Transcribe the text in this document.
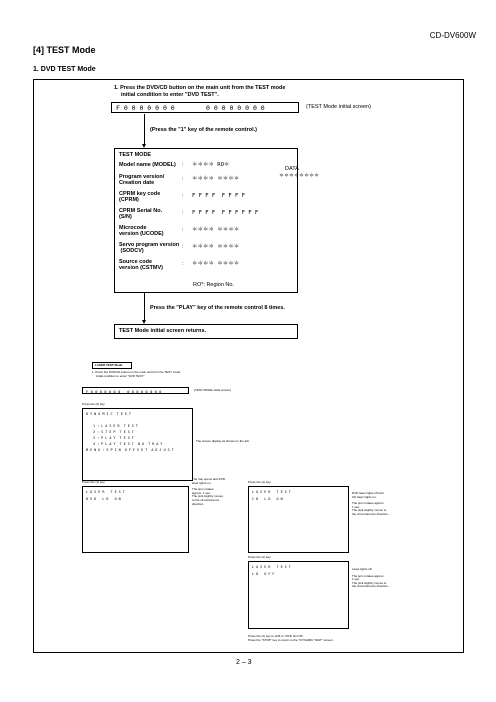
CD-DV600W
[4] TEST Mode
1. DVD TEST Mode
1. Press the DVD/CD button on the main unit from the TEST mode
initial condition to enter "DVD TEST".
F 0 0 0 0 0 0 0	0 0 0 0 0 0 0 0	(TEST Mode initial screen)
(Press the "1" key of the remote control.)
TEST MODE
DATA
＊＊＊＊＊＊＊＊
Model name (MODEL) : ＊＊＊＊ RO＊
Program version/
Creation date
: ＊＊＊＊ ＊＊＊＊
CPRM key code
(CPRM)
: F F F F  F F F F
CPRM Serial No.
(S/N)
: F F F F  F F F F F F
Microcode
version (UCODE)
: ＊＊＊＊ ＊＊＊＊
Servo program version
(SODCV)
: ＊＊＊＊ ＊＊＊＊
Source code
version (CSTMV)
: ＊＊＊＊ ＊＊＊＊
RO*: Region No.
Press the "PLAY" key of the remote control 8 times.
TEST Mode initial screen returns.
LASER TEST Mode
1. Press the DVD/CD button on the main unit from the TEST mode
initial condition to enter "DVD TEST".
F 0 0 0 0 0 0 0   0 0 0 0 0 0 0 0	(TEST MODE initial screen)
Press the (3) key.
D Y N A M I C  T E S T
1 : L A S E R  T E S T
2 : S T E P  T E S T
3 : P L A Y  T E S T
4 : P L A Y  T E S T  N O  T R A Y
M E N U : S P I N  O F F S E T  A D J U S T
The screen display as shown on the left.
Press the (1) key.
L A S E R   T E S T
D V D   L D   O N
The tray opens and DVD
laser lights on.
The spin rotates
approx. 1 sec.
The pick slightly moves
to the circumference
direction.
Press the (1) key.
L A S E R   T E S T
C D   L D   O N
DVD laser lights off and
CD laser lights on.
The spin rotates approx.
1 sec.
The pick slightly moves to
the circumference direction.
Press the (1) key.
L A S E R   T E S T
L D   O F F
Laser lights off.
The spin rotates approx.
1 sec.
The pick slightly moves to
the circumference direction.
Press the (1) key to shift to "DVD LD ON".
Press the "STOP" key to return to the "DYNAMIC TEST" screen.
2 – 3
